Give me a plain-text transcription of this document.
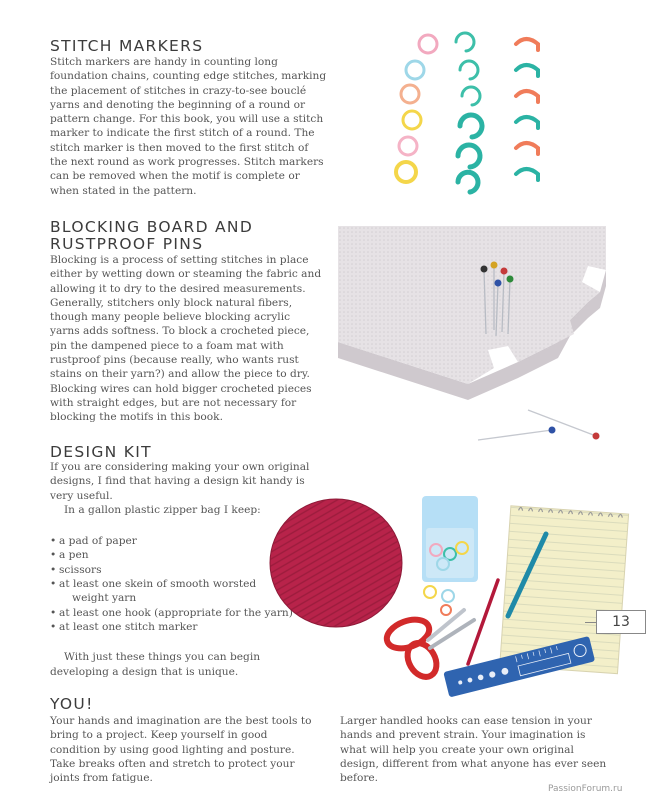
STITCH MARKERS

Stitch markers are handy in counting long foundation chains, counting edge stitches, marking the placement of stitches in crazy-to-see bouclé yarns and denoting the beginning of a round or pattern change. For this book, you will use a stitch marker to indicate the first stitch of a round. The stitch marker is then moved to the first stitch of the next round as work progresses. Stitch markers can be removed when the motif is complete or when stated in the pattern.

BLOCKING BOARD AND
RUSTPROOF PINS

Blocking is a process of setting stitches in place either by wetting down or steaming the fabric and allowing it to dry to the desired measurements. Generally, stitchers only block natural fibers, though many people believe blocking acrylic yarns adds softness. To block a crocheted piece, pin the dampened piece to a foam mat with rustproof pins (because really, who wants rust stains on their yarn?) and allow the piece to dry. Blocking wires can hold bigger crocheted pieces with straight edges, but are not necessary for blocking the motifs in this book.

DESIGN KIT

If you are considering making your own original designs, I find that having a design kit handy is very useful.

In a gallon plastic zipper bag I keep:

• a pad of paper
• a pen
• scissors
• at least one skein of smooth worsted
weight yarn
• at least one hook (appropriate for the yarn)
• at least one stitch marker

With just these things you can begin developing a design that is unique.

13
YOU!

Your hands and imagination are the best tools to bring to a project. Keep yourself in good condition by using good lighting and posture. Take breaks often and stretch to protect your joints from fatigue.

Larger handled hooks can ease tension in your hands and prevent strain. Your imagination is what will help you create your own original design, different from what anyone has ever seen before.

PassionForum.ru
